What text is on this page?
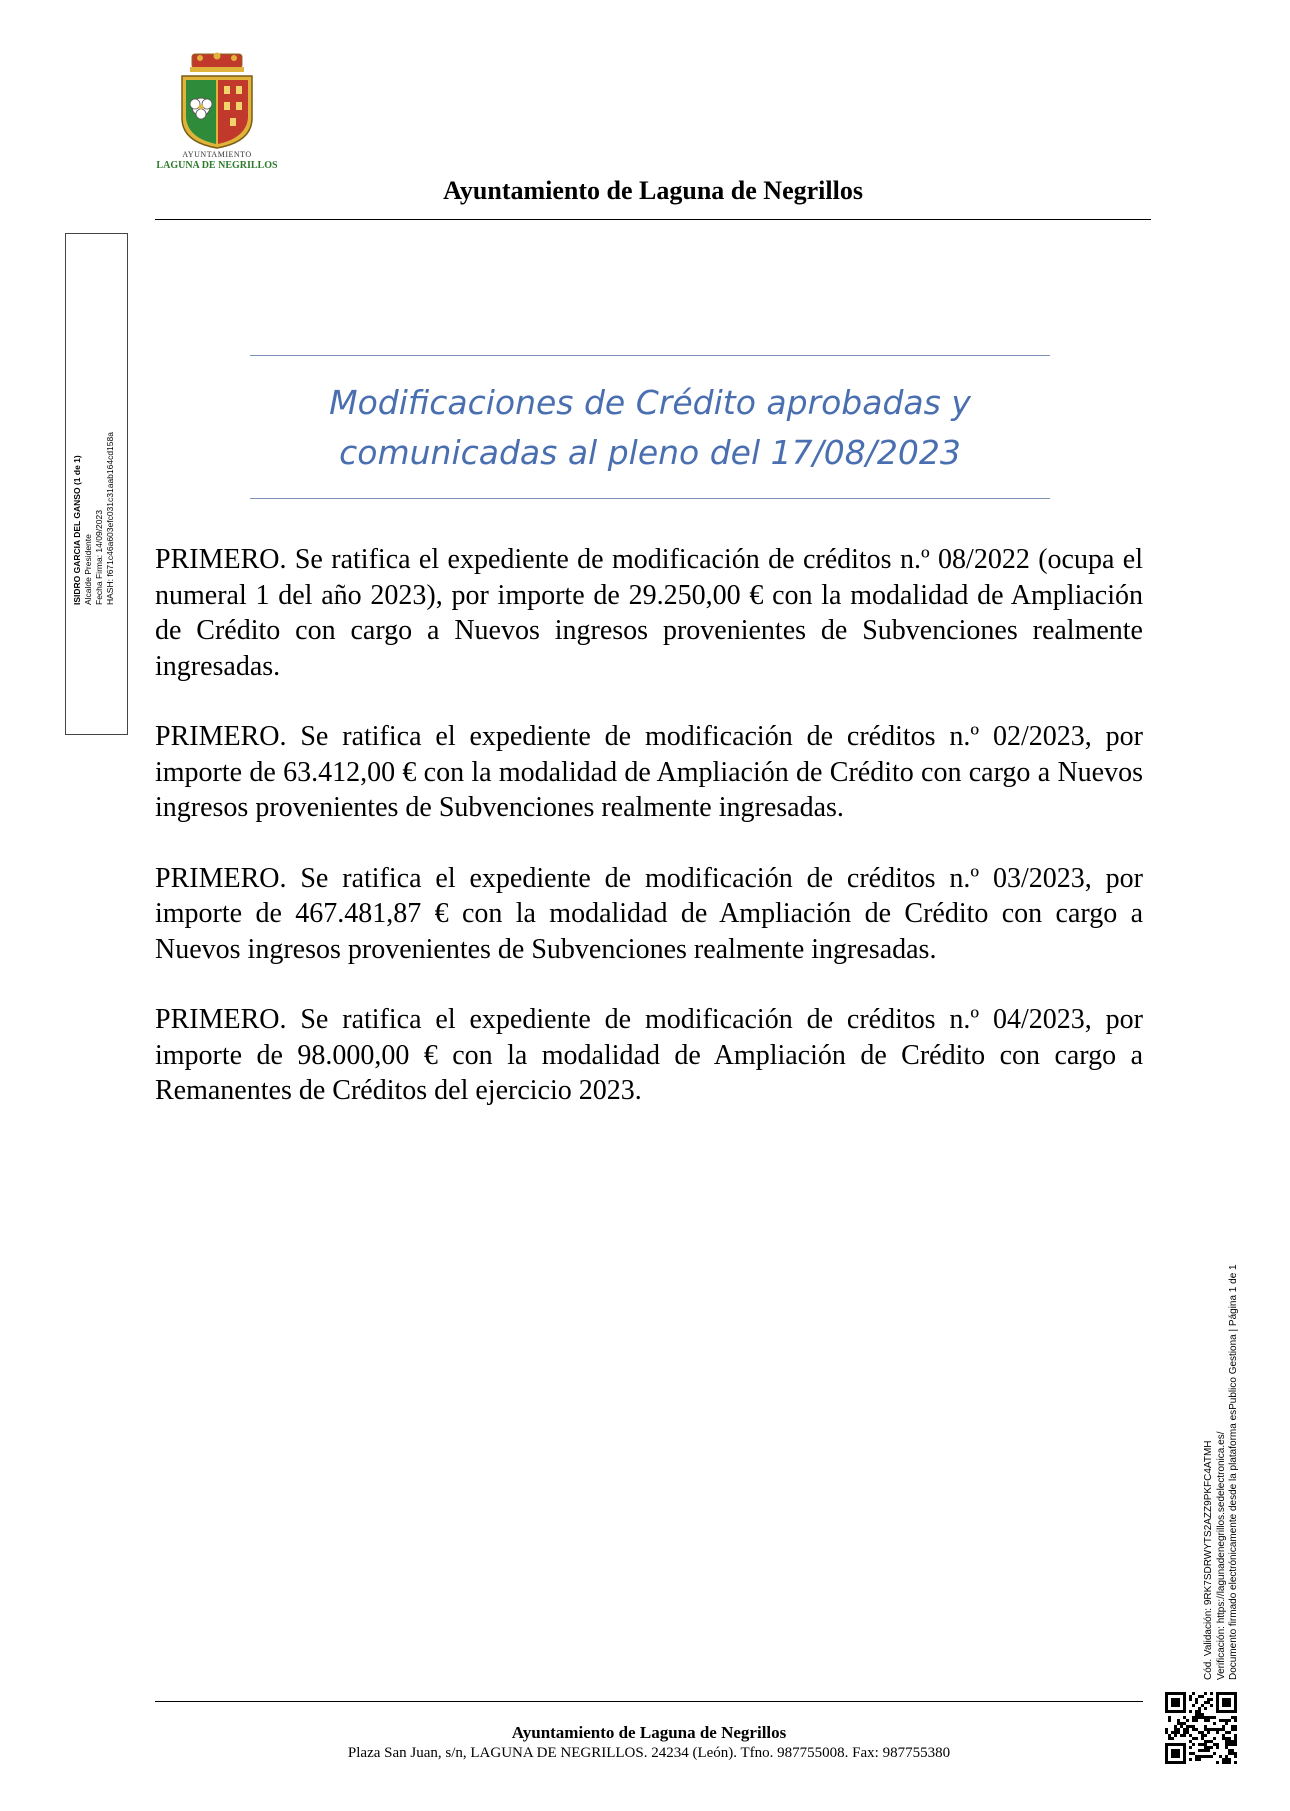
AYUNTAMIENTO
LAGUNA DE NEGRILLOS
Ayuntamiento de Laguna de Negrillos
ISIDRO GARCIA DEL GANSO (1 de 1) Alcalde Presidente Fecha Firma: 14/09/2023 HASH: f671c46a603efc031c31aab164cd158a
Modificaciones de Crédito aprobadas y
comunicadas al pleno del 17/08/2023

PRIMERO. Se ratifica el expediente de modificación de créditos n.º 08/2022 (ocupa el numeral 1 del año 2023), por importe de 29.250,00 € con la modalidad de Ampliación de Crédito con cargo a Nuevos ingresos provenientes de Subvenciones realmente ingresadas.

PRIMERO. Se ratifica el expediente de modificación de créditos n.º 02/2023, por importe de 63.412,00 € con la modalidad de Ampliación de Crédito con cargo a Nuevos ingresos provenientes de Subvenciones realmente ingresadas.

PRIMERO. Se ratifica el expediente de modificación de créditos n.º 03/2023, por importe de 467.481,87 € con la modalidad de Ampliación de Crédito con cargo a Nuevos ingresos provenientes de Subvenciones realmente ingresadas.

PRIMERO. Se ratifica el expediente de modificación de créditos n.º 04/2023, por importe de 98.000,00 € con la modalidad de Ampliación de Crédito con cargo a Remanentes de Créditos del ejercicio 2023.

Cód. Validación: 9RK7SDRWYTS2AZZ9PKFC4ATMH Verificación: https://lagunadenegrillos.sedelectronica.es/ Documento firmado electrónicamente desde la plataforma esPublico Gestiona | Página 1 de 1
Ayuntamiento de Laguna de Negrillos
Plaza San Juan, s/n, LAGUNA DE NEGRILLOS. 24234 (León). Tfno. 987755008. Fax: 987755380
